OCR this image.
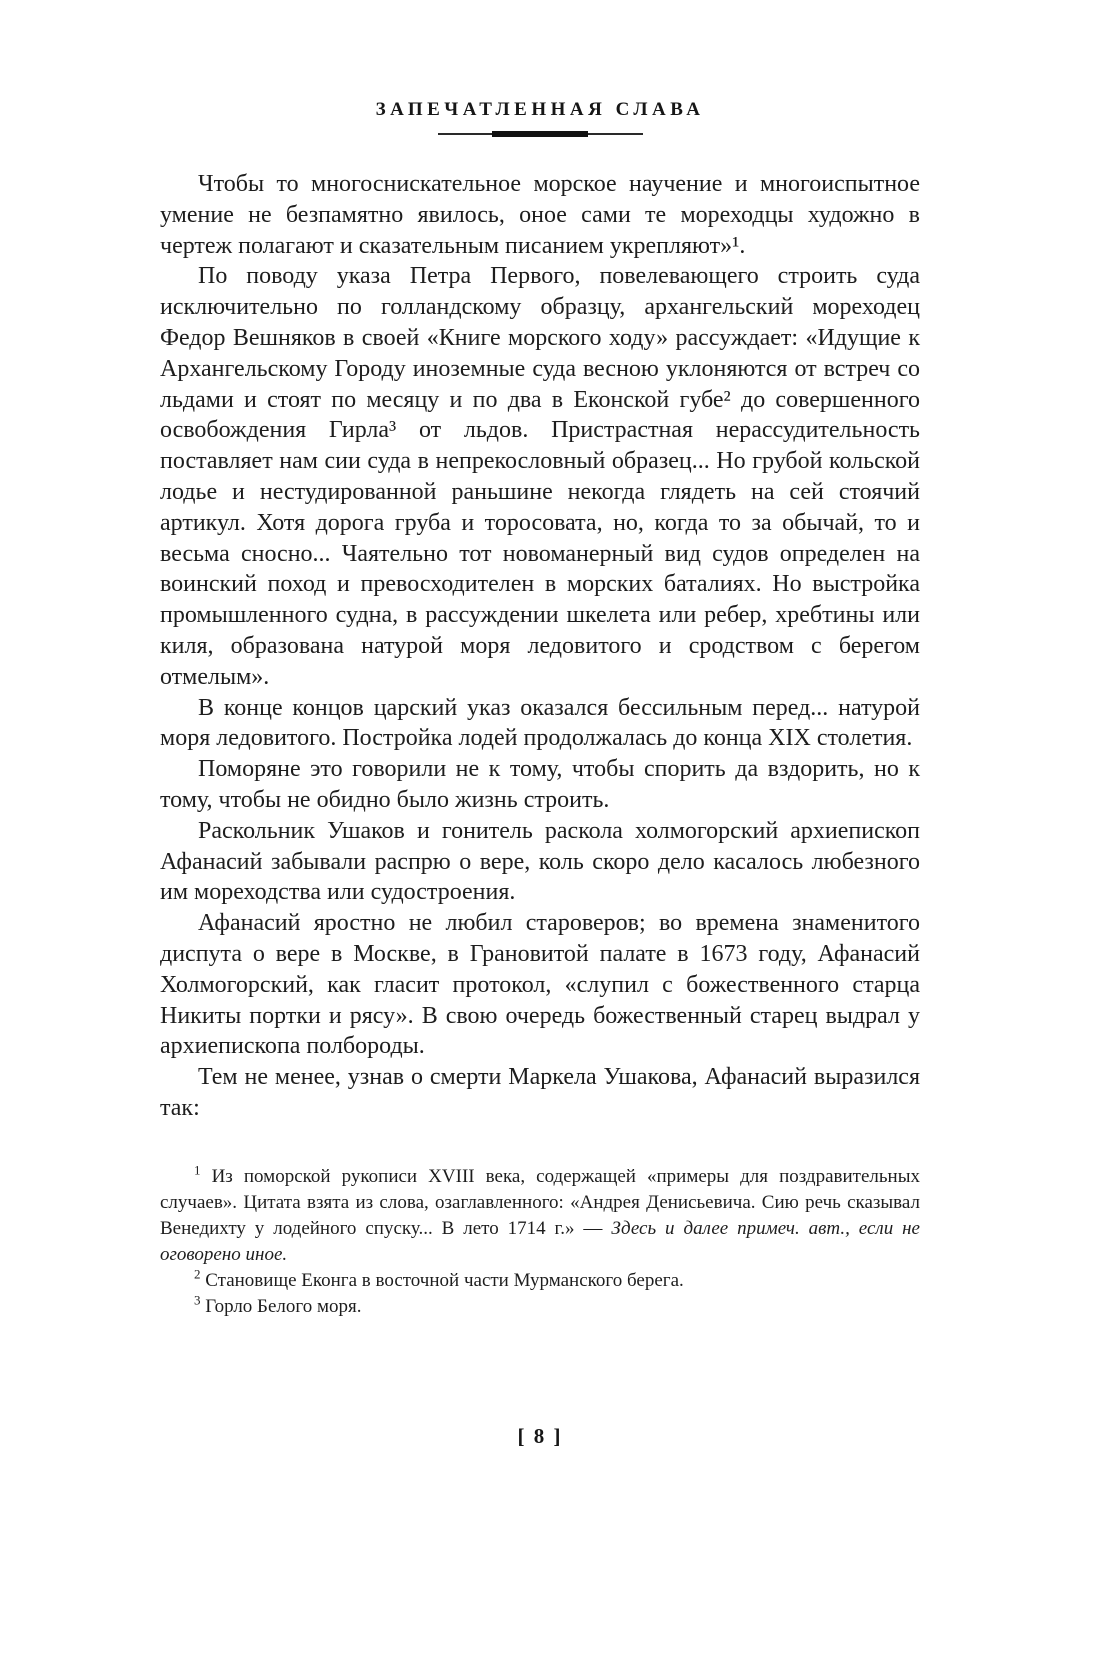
ЗАПЕЧАТЛЕННАЯ СЛАВА

Чтобы то многоснискательное морское научение и многоиспытное умение не безпамятно явилось, оное сами те мореходцы художно в чертеж полагают и сказательным писанием укрепляют»¹.

По поводу указа Петра Первого, повелевающего строить суда исключительно по голландскому образцу, архангельский мореходец Федор Вешняков в своей «Книге морского ходу» рассуждает: «Идущие к Архангельскому Городу иноземные суда весною уклоняются от встреч со льдами и стоят по месяцу и по два в Еконской губе² до совершенного освобождения Гирла³ от льдов. Пристрастная нерассудительность поставляет нам сии суда в непрекословный образец... Но грубой кольской лодье и нестудированной раньшине некогда глядеть на сей стоячий артикул. Хотя дорога груба и торосовата, но, когда то за обычай, то и весьма сносно... Чаятельно тот новоманерный вид судов определен на воинский поход и превосходителен в морских баталиях. Но выстройка промышленного судна, в рассуждении шкелета или ребер, хребтины или киля, образована натурой моря ледовитого и сродством с берегом отмелым».

В конце концов царский указ оказался бессильным перед... натурой моря ледовитого. Постройка лодей продолжалась до конца XIX столетия.

Поморяне это говорили не к тому, чтобы спорить да вздорить, но к тому, чтобы не обидно было жизнь строить.

Раскольник Ушаков и гонитель раскола холмогорский архиепископ Афанасий забывали распрю о вере, коль скоро дело касалось любезного им мореходства или судостроения.

Афанасий яростно не любил староверов; во времена знаменитого диспута о вере в Москве, в Грановитой палате в 1673 году, Афанасий Холмогорский, как гласит протокол, «слупил с божественного старца Никиты портки и рясу». В свою очередь божественный старец выдрал у архиепископа полбороды.

Тем не менее, узнав о смерти Маркела Ушакова, Афанасий выразился так:

$^1$ Из поморской рукописи XVIII века, содержащей «примеры для поздравительных случаев». Цитата взята из слова, озаглавленного: «Андрея Денисьевича. Сию речь сказывал Венедихту у лодейного спуску... В лето 1714 г.» — Здесь и далее примеч. авт., если не оговорено иное.

$^2$ Становище Еконга в восточной части Мурманского берега.

$^3$ Горло Белого моря.

[ 8 ]
